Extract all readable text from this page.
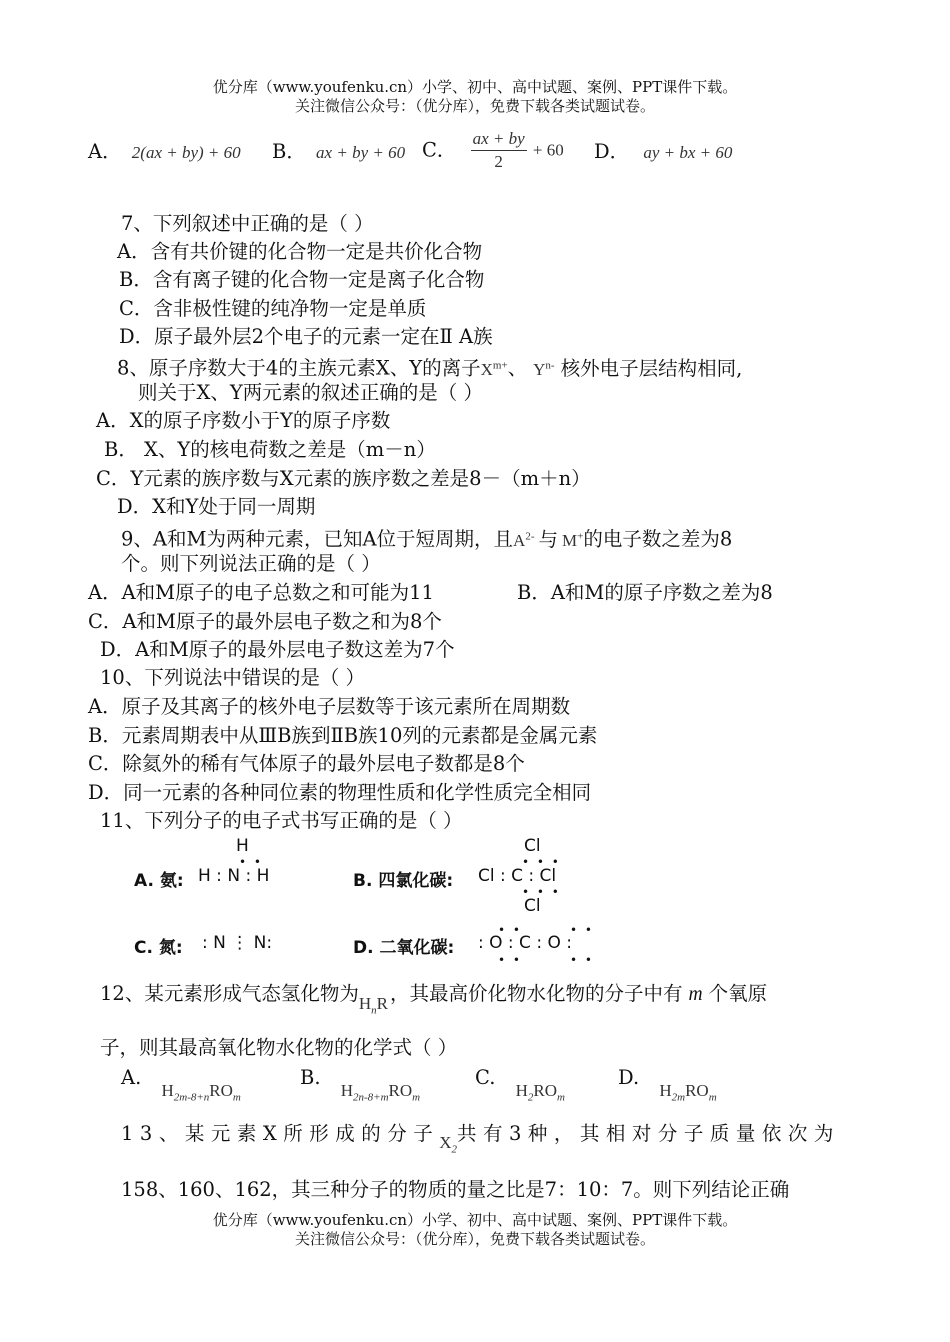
优分库（www.youfenku.cn）小学、初中、高中试题、案例、PPT课件下载。
关注微信公众号：（优分库），免费下载各类试题试卷。
A． 2(ax + by) + 60 B． ax + by + 60 C． $\frac{ax + by}{2} + 60$ D． ay + bx + 60
7、下列叙述中正确的是（ ）
A．含有共价键的化合物一定是共价化合物
B．含有离子键的化合物一定是离子化合物
C．含非极性键的纯净物一定是单质
D．原子最外层2个电子的元素一定在Ⅱ A族
8、原子序数大于4的主族元素X、Y的离子$X^{m+}$、 $Y^{n-}$ 核外电子层结构相同,
则关于X、Y两元素的叙述正确的是（ ）
A．X的原子序数小于Y的原子序数
B． X、Y的核电荷数之差是（m－n）
C．Y元素的族序数与X元素的族序数之差是8－（m＋n）
D．X和Y处于同一周期
9、A和M为两种元素，已知A位于短周期，且$A^{2-}$ 与 M+的电子数之差为8
个。则下列说法正确的是（ ）
A．A和M原子的电子总数之和可能为11	B．A和M的原子序数之差为8
C．A和M原子的最外层电子数之和为8个
D．A和M原子的最外层电子数这差为7个
10、下列说法中错误的是（ ）
A．原子及其离子的核外电子层数等于该元素所在周期数
B．元素周期表中从ⅢB族到ⅡB族10列的元素都是金属元素
C．除氦外的稀有气体原子的最外层电子数都是8个
D．同一元素的各种同位素的物理性质和化学性质完全相同
11、下列分子的电子式书写正确的是（ ）
H
• •
A. 氨: H : N : H
Cl
• • •
B. 四氯化碳: Cl : C : Cl
• • •
Cl
C. 氮: : N ⋮ N:
• •	• •
D. 二氧化碳: : O : C : O :
• •	• •
12、某元素形成气态氢化物为$H_nR$ ，其最高价化物水化物的分子中有 m 个氧原
子，则其最高氧化物水化物的化学式（ ）
A. $H_{2m-8+n}RO_m$
B. $H_{2n-8+m}RO_m$
C. $H_2RO_m$
D. $H_{2m}RO_m$
13、某元素X所形成的分子$X_2$共有3种，其相对分子质量依次为
158、160、162，其三种分子的物质的量之比是7：10：7。则下列结论正确
优分库（www.youfenku.cn）小学、初中、高中试题、案例、PPT课件下载。
关注微信公众号：（优分库），免费下载各类试题试卷。
